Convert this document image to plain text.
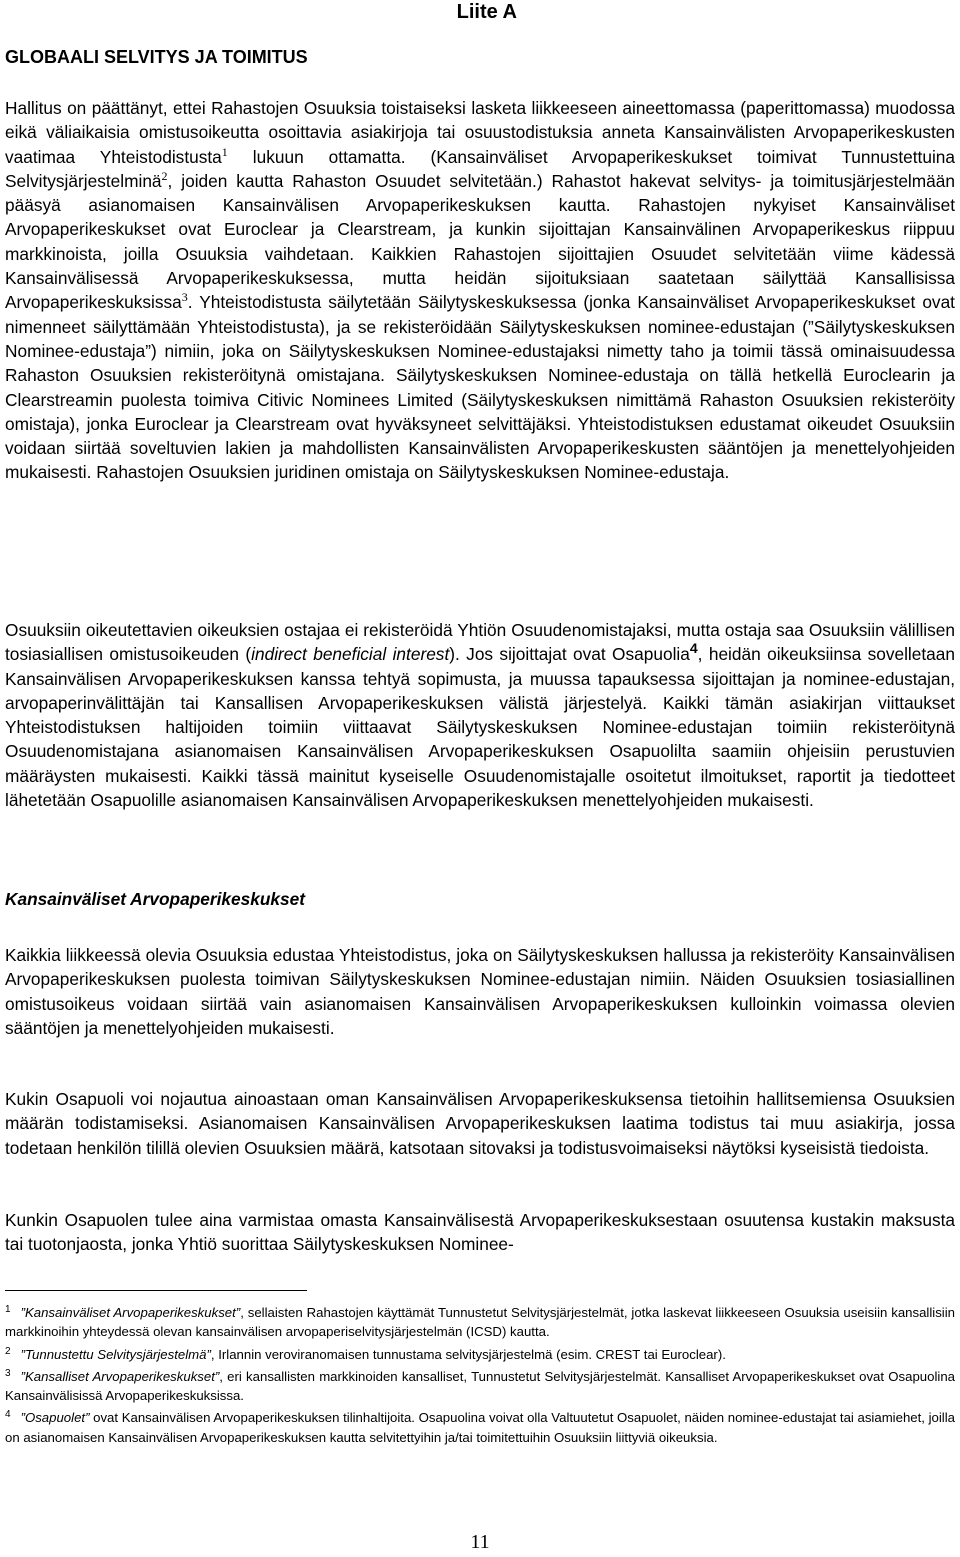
Liite A
GLOBAALI SELVITYS JA TOIMITUS

Hallitus on päättänyt, ettei Rahastojen Osuuksia toistaiseksi lasketa liikkeeseen aineettomassa (paperittomassa) muodossa eikä väliaikaisia omistusoikeutta osoittavia asiakirjoja tai osuustodistuksia anneta Kansainvälisten Arvopaperikeskusten vaatimaa Yhteistodistusta$^1$ lukuun ottamatta. (Kansainväliset Arvopaperikeskukset toimivat Tunnustettuina Selvitysjärjestelminä$^2$, joiden kautta Rahaston Osuudet selvitetään.) Rahastot hakevat selvitys- ja toimitusjärjestelmään pääsyä asianomaisen Kansainvälisen Arvopaperikeskuksen kautta. Rahastojen nykyiset Kansainväliset Arvopaperikeskukset ovat Euroclear ja Clearstream, ja kunkin sijoittajan Kansainvälinen Arvopaperikeskus riippuu markkinoista, joilla Osuuksia vaihdetaan. Kaikkien Rahastojen sijoittajien Osuudet selvitetään viime kädessä Kansainvälisessä Arvopaperikeskuksessa, mutta heidän sijoituksiaan saatetaan säilyttää Kansallisissa Arvopaperikeskuksissa$^3$. Yhteistodistusta säilytetään Säilytyskeskuksessa (jonka Kansainväliset Arvopaperikeskukset ovat nimenneet säilyttämään Yhteistodistusta), ja se rekisteröidään Säilytyskeskuksen nominee-edustajan (”Säilytyskeskuksen Nominee-edustaja”) nimiin, joka on Säilytyskeskuksen Nominee-edustajaksi nimetty taho ja toimii tässä ominaisuudessa Rahaston Osuuksien rekisteröitynä omistajana. Säilytyskeskuksen Nominee-edustaja on tällä hetkellä Euroclearin ja Clearstreamin puolesta toimiva Citivic Nominees Limited (Säilytyskeskuksen nimittämä Rahaston Osuuksien rekisteröity omistaja), jonka Euroclear ja Clearstream ovat hyväksyneet selvittäjäksi. Yhteistodistuksen edustamat oikeudet Osuuksiin voidaan siirtää soveltuvien lakien ja mahdollisten Kansainvälisten Arvopaperikeskusten sääntöjen ja menettelyohjeiden mukaisesti. Rahastojen Osuuksien juridinen omistaja on Säilytyskeskuksen Nominee-edustaja.

Osuuksiin oikeutettavien oikeuksien ostajaa ei rekisteröidä Yhtiön Osuudenomistajaksi, mutta ostaja saa Osuuksiin välillisen tosiasiallisen omistusoikeuden (indirect beneficial interest). Jos sijoittajat ovat Osapuolia$^4$, heidän oikeuksiinsa sovelletaan Kansainvälisen Arvopaperikeskuksen kanssa tehtyä sopimusta, ja muussa tapauksessa sijoittajan ja nominee-edustajan, arvopaperinvälittäjän tai Kansallisen Arvopaperikeskuksen välistä järjestelyä. Kaikki tämän asiakirjan viittaukset Yhteistodistuksen haltijoiden toimiin viittaavat Säilytyskeskuksen Nominee-edustajan toimiin rekisteröitynä Osuudenomistajana asianomaisen Kansainvälisen Arvopaperikeskuksen Osapuolilta saamiin ohjeisiin perustuvien määräysten mukaisesti. Kaikki tässä mainitut kyseiselle Osuudenomistajalle osoitetut ilmoitukset, raportit ja tiedotteet lähetetään Osapuolille asianomaisen Kansainvälisen Arvopaperikeskuksen menettelyohjeiden mukaisesti.

Kansainväliset Arvopaperikeskukset

Kaikkia liikkeessä olevia Osuuksia edustaa Yhteistodistus, joka on Säilytyskeskuksen hallussa ja rekisteröity Kansainvälisen Arvopaperikeskuksen puolesta toimivan Säilytyskeskuksen Nominee-edustajan nimiin. Näiden Osuuksien tosiasiallinen omistusoikeus voidaan siirtää vain asianomaisen Kansainvälisen Arvopaperikeskuksen kulloinkin voimassa olevien sääntöjen ja menettelyohjeiden mukaisesti.

Kukin Osapuoli voi nojautua ainoastaan oman Kansainvälisen Arvopaperikeskuksensa tietoihin hallitsemiensa Osuuksien määrän todistamiseksi. Asianomaisen Kansainvälisen Arvopaperikeskuksen laatima todistus tai muu asiakirja, jossa todetaan henkilön tilillä olevien Osuuksien määrä, katsotaan sitovaksi ja todistusvoimaiseksi näytöksi kyseisistä tiedoista.

Kunkin Osapuolen tulee aina varmistaa omasta Kansainvälisestä Arvopaperikeskuksestaan osuutensa kustakin maksusta tai tuotonjaosta, jonka Yhtiö suorittaa Säilytyskeskuksen Nominee-

$^1$ ”Kansainväliset Arvopaperikeskukset”, sellaisten Rahastojen käyttämät Tunnustetut Selvitysjärjestelmät, jotka laskevat liikkeeseen Osuuksia useisiin kansallisiin markkinoihin yhteydessä olevan kansainvälisen arvopaperiselvitysjärjestelmän (ICSD) kautta.

$^2$ ”Tunnustettu Selvitysjärjestelmä”, Irlannin veroviranomaisen tunnustama selvitysjärjestelmä (esim. CREST tai Euroclear).

$^3$ ”Kansalliset Arvopaperikeskukset”, eri kansallisten markkinoiden kansalliset, Tunnustetut Selvitysjärjestelmät. Kansalliset Arvopaperikeskukset ovat Osapuolina Kansainvälisissä Arvopaperikeskuksissa.

$^4$ ”Osapuolet” ovat Kansainvälisen Arvopaperikeskuksen tilinhaltijoita. Osapuolina voivat olla Valtuutetut Osapuolet, näiden nominee-edustajat tai asiamiehet, joilla on asianomaisen Kansainvälisen Arvopaperikeskuksen kautta selvitettyihin ja/tai toimitettuihin Osuuksiin liittyviä oikeuksia.

11
